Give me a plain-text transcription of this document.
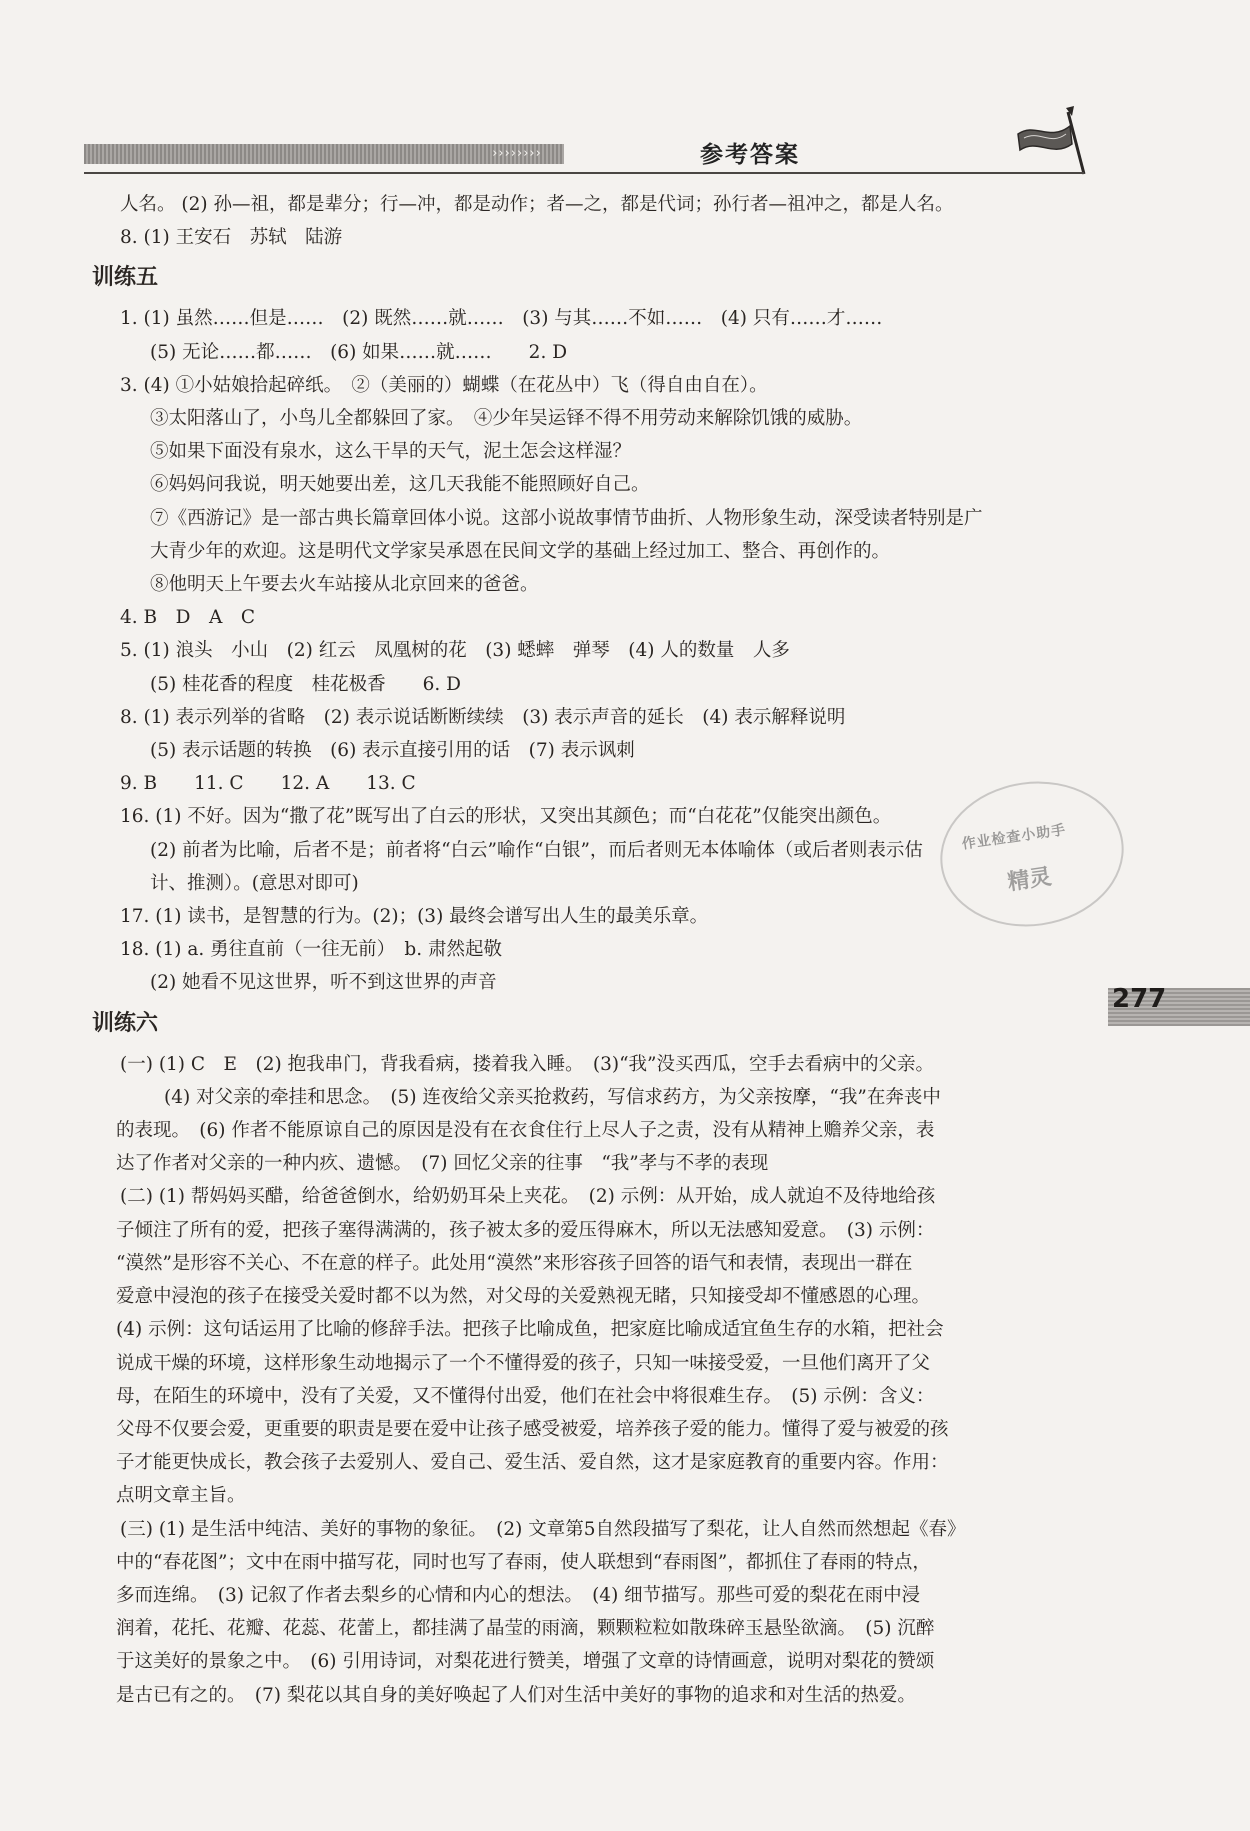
››››››››	参考答案
人名。 (2) 孙—祖，都是辈分；行—冲，都是动作；者—之，都是代词；孙行者—祖冲之，都是人名。
8. (1) 王安石　苏轼　陆游
训练五
1. (1) 虽然……但是……　(2) 既然……就……　(3) 与其……不如……　(4) 只有……才……
(5) 无论……都……　(6) 如果……就……　　2. D
3. (4) ①小姑娘拾起碎纸。　②（美丽的）蝴蝶（在花丛中）飞（得自由自在）。
③太阳落山了，小鸟儿全都躲回了家。　④少年吴运铎不得不用劳动来解除饥饿的威胁。
⑤如果下面没有泉水，这么干旱的天气，泥土怎会这样湿？
⑥妈妈问我说，明天她要出差，这几天我能不能照顾好自己。
⑦《西游记》是一部古典长篇章回体小说。这部小说故事情节曲折、人物形象生动，深受读者特别是广
大青少年的欢迎。这是明代文学家吴承恩在民间文学的基础上经过加工、整合、再创作的。
⑧他明天上午要去火车站接从北京回来的爸爸。
4. B　D　A　C
5. (1) 浪头　小山　(2) 红云　凤凰树的花　(3) 蟋蟀　弹琴　(4) 人的数量　人多
(5) 桂花香的程度　桂花极香　　6. D
8. (1) 表示列举的省略　(2) 表示说话断断续续　(3) 表示声音的延长　(4) 表示解释说明
(5) 表示话题的转换　(6) 表示直接引用的话　(7) 表示讽刺
9. B　　11. C　　12. A　　13. C
16. (1) 不好。因为“撒了花”既写出了白云的形状，又突出其颜色；而“白花花”仅能突出颜色。
(2) 前者为比喻，后者不是；前者将“白云”喻作“白银”，而后者则无本体喻体（或后者则表示估
计、推测）。(意思对即可)
17. (1) 读书，是智慧的行为。(2)；(3) 最终会谱写出人生的最美乐章。
18. (1) a. 勇往直前（一往无前）　b. 肃然起敬
(2) 她看不见这世界，听不到这世界的声音
训练六
(一) (1) C　E　(2) 抱我串门，背我看病，搂着我入睡。　(3)“我”没买西瓜，空手去看病中的父亲。
(4) 对父亲的牵挂和思念。　(5) 连夜给父亲买抢救药，写信求药方，为父亲按摩，“我”在奔丧中
的表现。　(6) 作者不能原谅自己的原因是没有在衣食住行上尽人子之责，没有从精神上赡养父亲，表
达了作者对父亲的一种内疚、遗憾。　(7) 回忆父亲的往事　“我”孝与不孝的表现
(二) (1) 帮妈妈买醋，给爸爸倒水，给奶奶耳朵上夹花。　(2) 示例：从开始，成人就迫不及待地给孩
子倾注了所有的爱，把孩子塞得满满的，孩子被太多的爱压得麻木，所以无法感知爱意。　(3) 示例：
“漠然”是形容不关心、不在意的样子。此处用“漠然”来形容孩子回答的语气和表情，表现出一群在
爱意中浸泡的孩子在接受关爱时都不以为然，对父母的关爱熟视无睹，只知接受却不懂感恩的心理。
(4) 示例：这句话运用了比喻的修辞手法。把孩子比喻成鱼，把家庭比喻成适宜鱼生存的水箱，把社会
说成干燥的环境，这样形象生动地揭示了一个不懂得爱的孩子，只知一味接受爱，一旦他们离开了父
母，在陌生的环境中，没有了关爱，又不懂得付出爱，他们在社会中将很难生存。　(5) 示例：含义：
父母不仅要会爱，更重要的职责是要在爱中让孩子感受被爱，培养孩子爱的能力。懂得了爱与被爱的孩
子才能更快成长，教会孩子去爱别人、爱自己、爱生活、爱自然，这才是家庭教育的重要内容。作用：
点明文章主旨。
(三) (1) 是生活中纯洁、美好的事物的象征。　(2) 文章第5自然段描写了梨花，让人自然而然想起《春》
中的“春花图”；文中在雨中描写花，同时也写了春雨，使人联想到“春雨图”，都抓住了春雨的特点，
多而连绵。　(3) 记叙了作者去梨乡的心情和内心的想法。　(4) 细节描写。那些可爱的梨花在雨中浸
润着，花托、花瓣、花蕊、花蕾上，都挂满了晶莹的雨滴，颗颗粒粒如散珠碎玉悬坠欲滴。　(5) 沉醉
于这美好的景象之中。　(6) 引用诗词，对梨花进行赞美，增强了文章的诗情画意，说明对梨花的赞颂
是古已有之的。　(7) 梨花以其自身的美好唤起了人们对生活中美好的事物的追求和对生活的热爱。
277
作业检查小助手
精灵
